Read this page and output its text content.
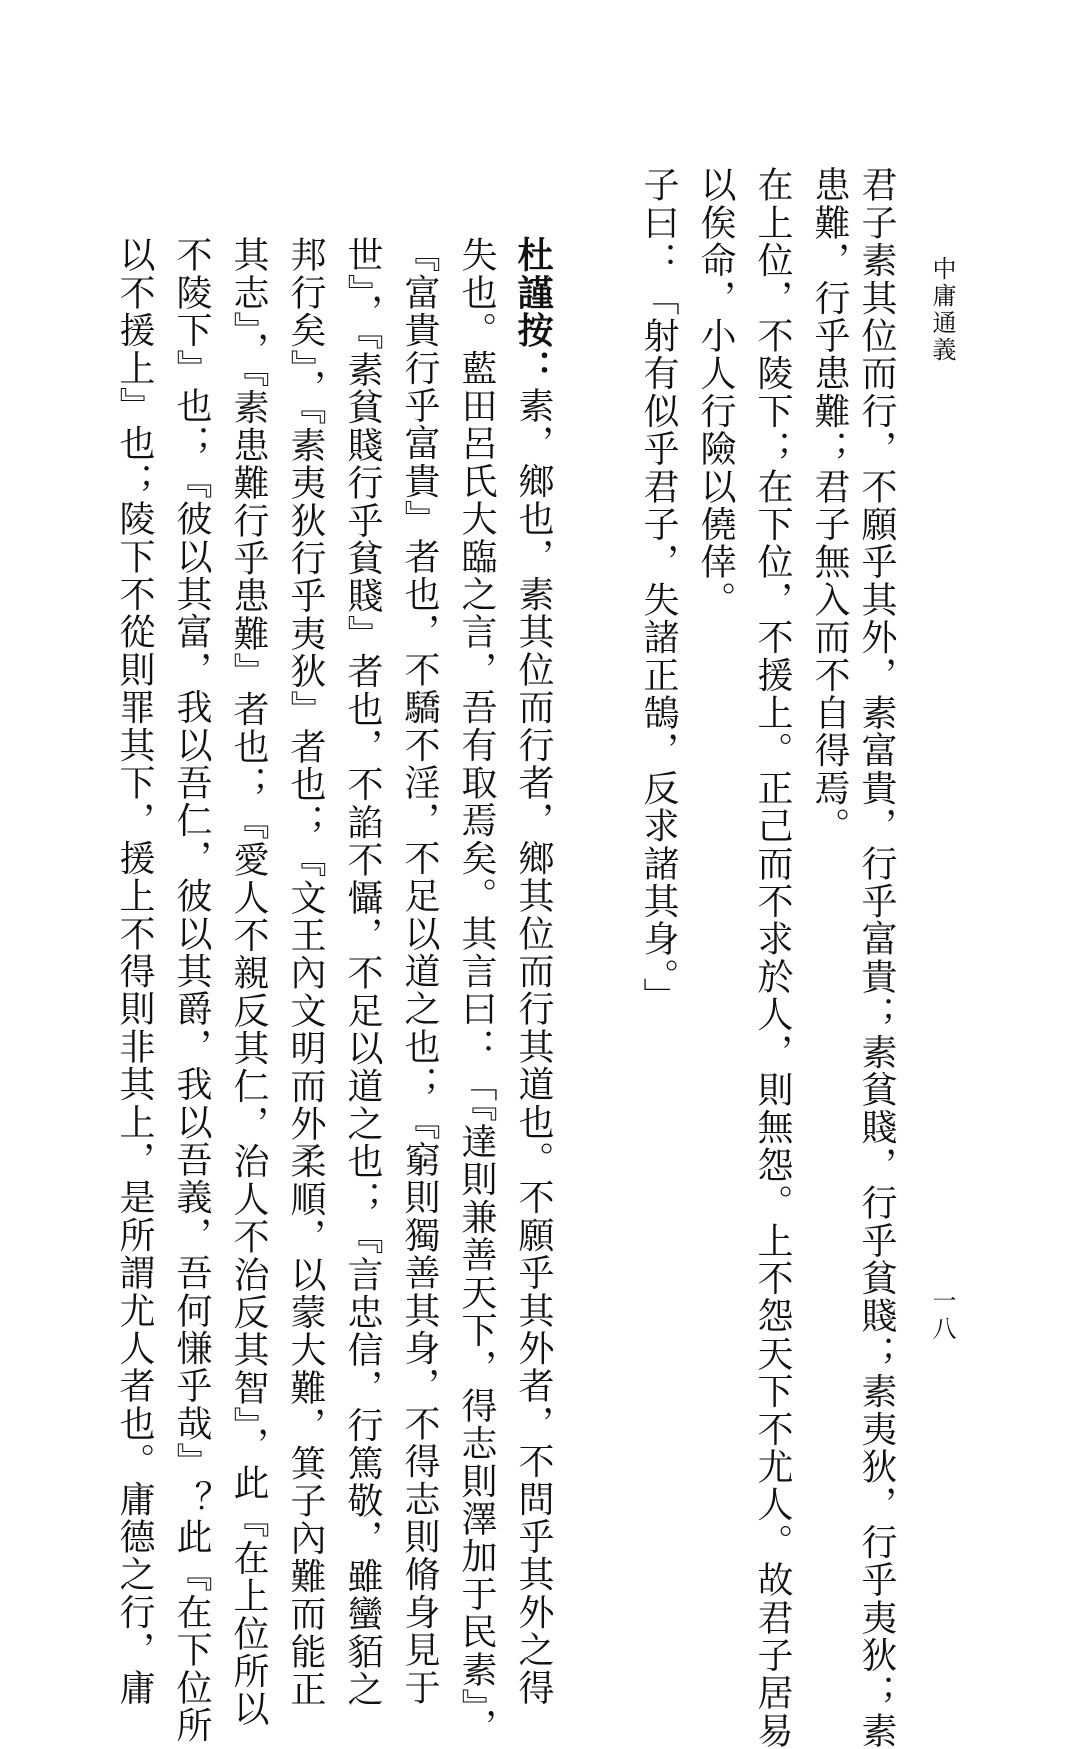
中庸通義
一八
君子素其位而行，不願乎其外，素富貴，行乎富貴；素貧賤，行乎貧賤；素夷狄，行乎夷狄；素
患難，行乎患難；君子無入而不自得焉。
在上位，不陵下；在下位，不援上。正己而不求於人，則無怨。上不怨天下不尤人。故君子居易
以俟命，小人行險以僥倖。
子曰：「射有似乎君子，失諸正鵠，反求諸其身。」
杜謹按：素，鄉也，素其位而行者，鄉其位而行其道也。不願乎其外者，不問乎其外之得
失也。藍田呂氏大臨之言，吾有取焉矣。其言曰：「『達則兼善天下，得志則澤加于民素』，
『富貴行乎富貴』者也，不驕不淫，不足以道之也；『窮則獨善其身，不得志則脩身見于
世』，『素貧賤行乎貧賤』者也，不諂不懾，不足以道之也；『言忠信，行篤敬，雖蠻貊之
邦行矣』，『素夷狄行乎夷狄』者也；『文王內文明而外柔順，以蒙大難，箕子內難而能正
其志』，『素患難行乎患難』者也；『愛人不親反其仁，治人不治反其智』，此『在上位所以
不陵下』也；『彼以其富，我以吾仁，彼以其爵，我以吾義，吾何慊乎哉』？此『在下位所
以不援上』也；陵下不從則罪其下，援上不得則非其上，是所謂尤人者也。庸德之行，庸
